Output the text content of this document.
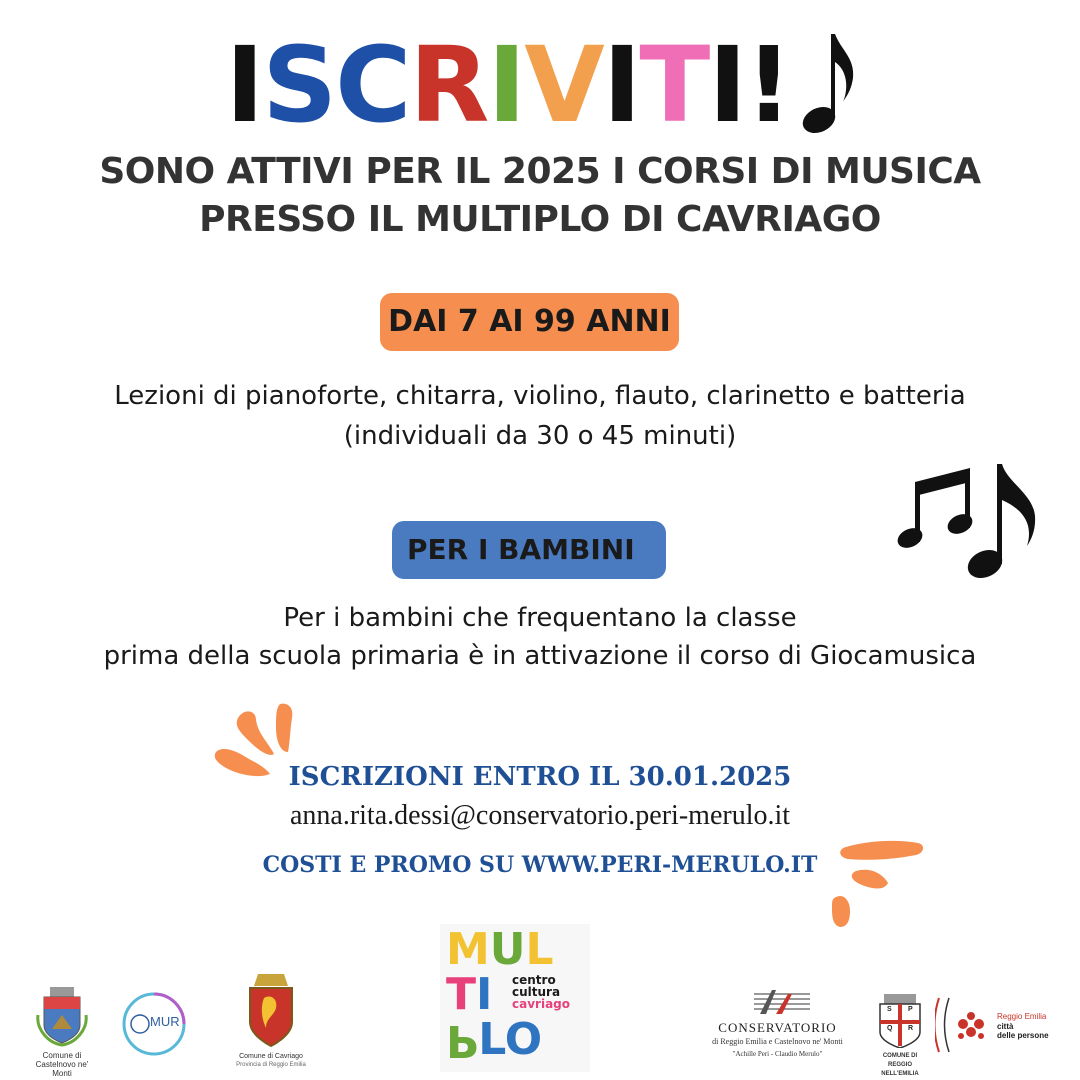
ISCRIVITI!
SONO ATTIVI PER IL 2025 I CORSI DI MUSICA
PRESSO IL MULTIPLO DI CAVRIAGO
DAI 7 AI 99 ANNI
Lezioni di pianoforte, chitarra, violino, flauto, clarinetto e batteria
(individuali da 30 o 45 minuti)
PER I BAMBINI
Per i bambini che frequentano la classe
prima della scuola primaria è in attivazione il corso di Giocamusica
ISCRIZIONI ENTRO IL 30.01.2025
anna.rita.dessi@conservatorio.peri-merulo.it
COSTI E PROMO SU WWW.PERI-MERULO.IT
MUL
TI
PLO
centro
cultura
cavriago
Comune di
Castelnovo ne' Monti
MUR
Comune di Cavriago
Provincia di Reggio Emilia
CONSERVATORIO
di Reggio Emilia e Castelnovo ne' Monti
"Achille Peri - Claudio Merulo"
S P
Q R
COMUNE DI
REGGIO NELL'EMILIA
Reggio Emilia
città
delle persone
